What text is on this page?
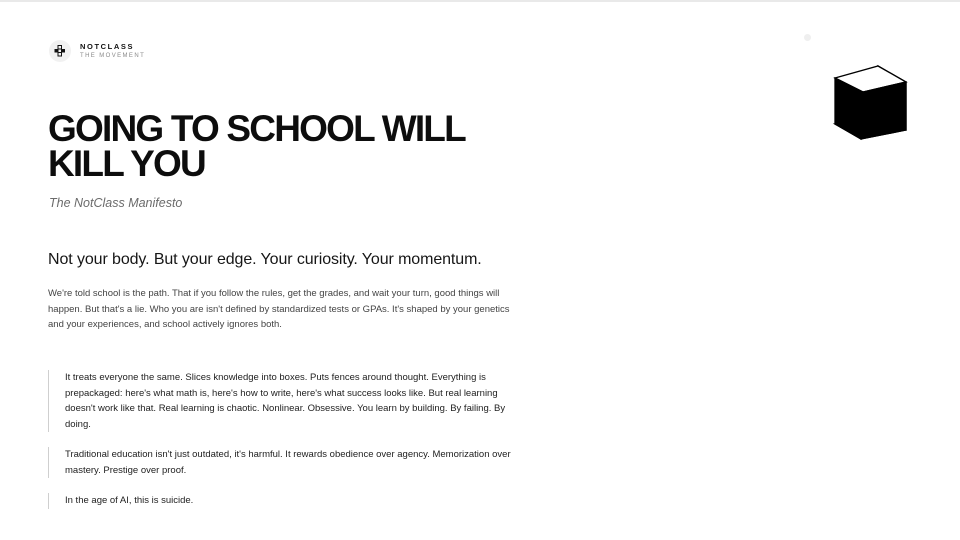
NOTCLASS
THE MOVEMENT
GOING TO SCHOOL WILL
KILL YOU
The NotClass Manifesto
Not your body. But your edge. Your curiosity. Your momentum.

We're told school is the path. That if you follow the rules, get the grades, and wait your turn, good things will happen. But that's a lie. Who you are isn't defined by standardized tests or GPAs. It's shaped by your genetics and your experiences, and school actively ignores both.

It treats everyone the same. Slices knowledge into boxes. Puts fences around thought. Everything is prepackaged: here's what math is, here's how to write, here's what success looks like. But real learning doesn't work like that. Real learning is chaotic. Nonlinear. Obsessive. You learn by building. By failing. By doing.
Traditional education isn't just outdated, it's harmful. It rewards obedience over agency. Memorization over mastery. Prestige over proof.
In the age of AI, this is suicide.
